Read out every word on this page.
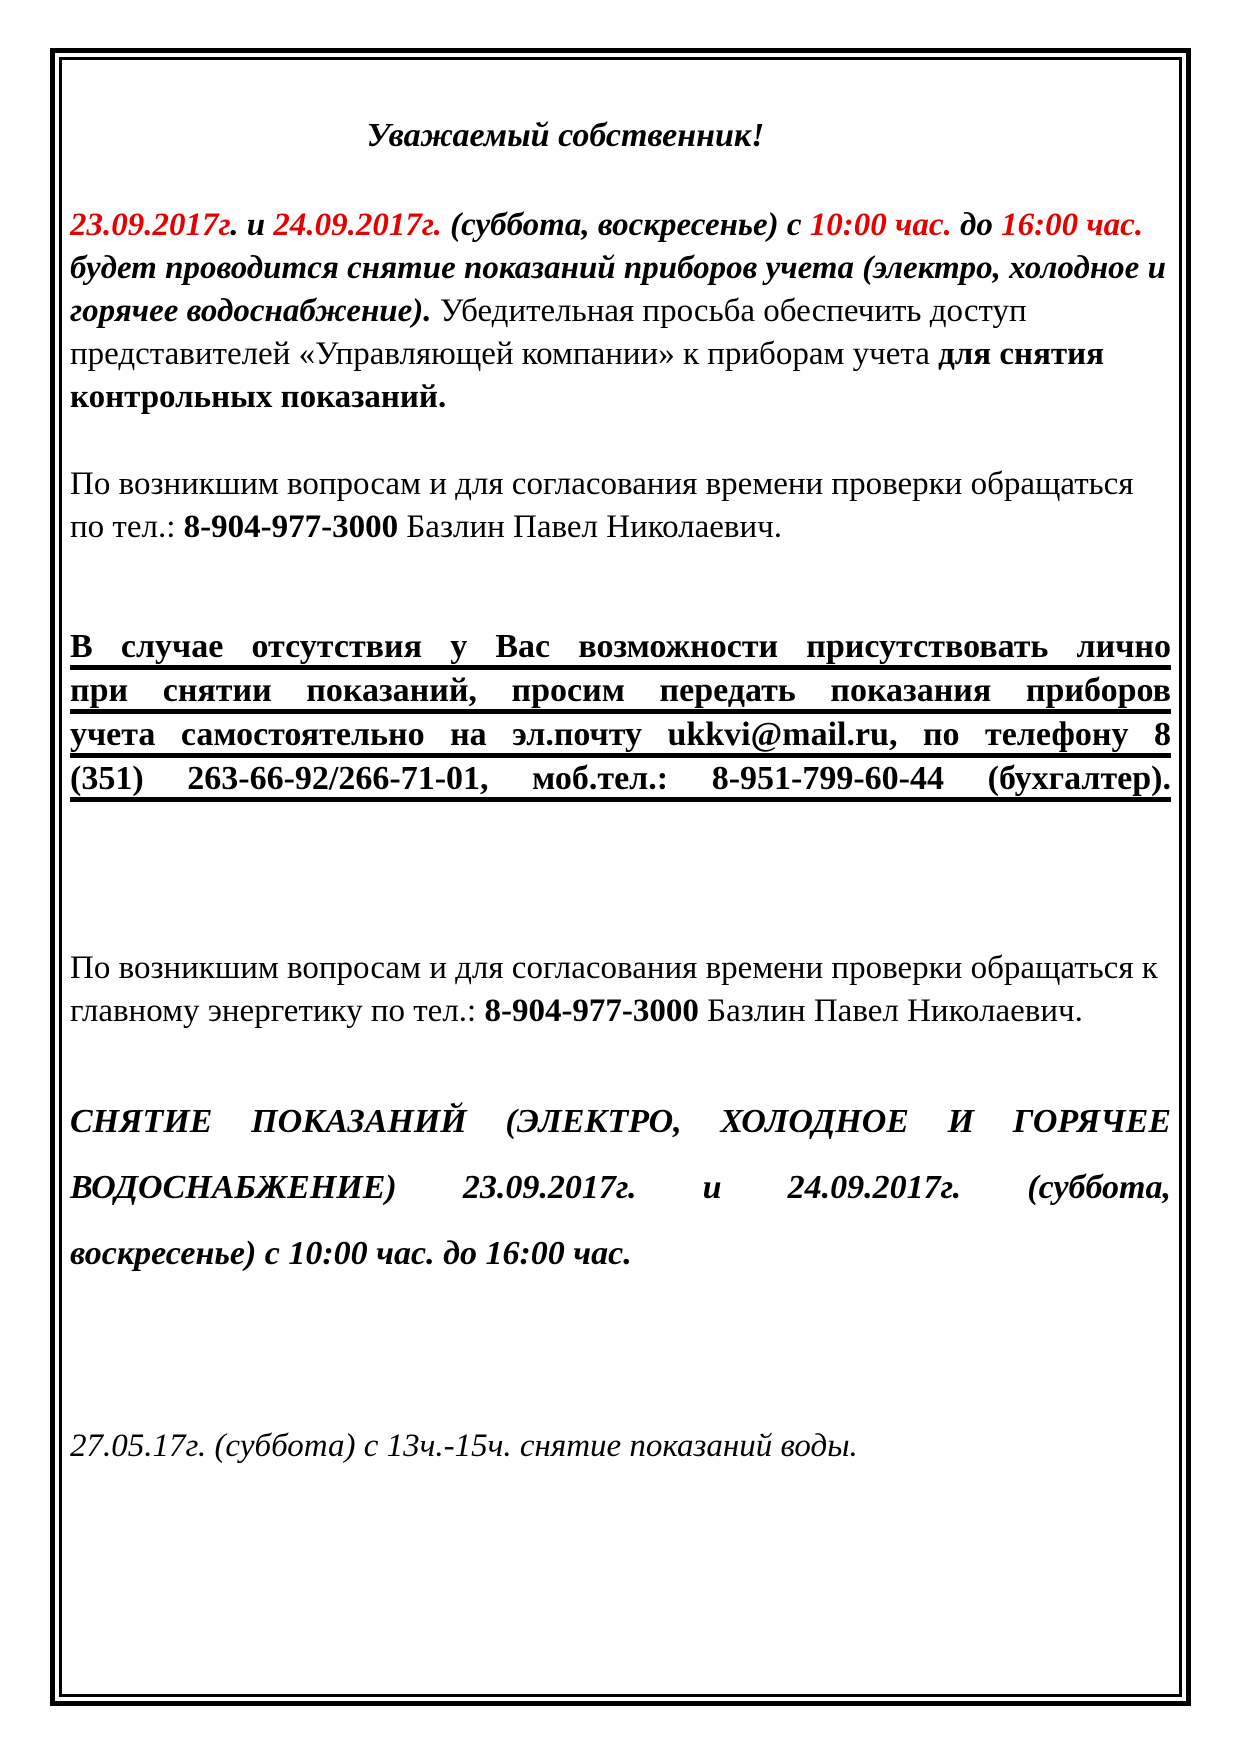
Уважаемый собственник!

23.09.2017г. и 24.09.2017г. (суббота, воскресенье) с 10:00 час. до 16:00 час. будет проводится снятие показаний приборов учета (электро, холодное и горячее водоснабжение). Убедительная просьба обеспечить доступ представителей «Управляющей компании» к приборам учета для снятия контрольных показаний.

По возникшим вопросам и для согласования времени проверки обращаться по тел.: 8-904-977-3000 Базлин Павел Николаевич.

В случае отсутствия у Вас возможности присутствовать лично
при снятии показаний, просим передать показания приборов
учета самостоятельно на эл.почту ukkvi@mail.ru, по телефону 8
(351) 263-66-92/266-71-01, моб.тел.: 8-951-799-60-44 (бухгалтер).

По возникшим вопросам и для согласования времени проверки обращаться к главному энергетику по тел.: 8-904-977-3000 Базлин Павел Николаевич.

СНЯТИЕ ПОКАЗАНИЙ (ЭЛЕКТРО, ХОЛОДНОЕ И ГОРЯЧЕЕ
ВОДОСНАБЖЕНИЕ) 23.09.2017г. и 24.09.2017г. (суббота,
воскресенье) с 10:00 час. до 16:00 час.

27.05.17г. (суббота) с 13ч.-15ч. снятие показаний воды.
